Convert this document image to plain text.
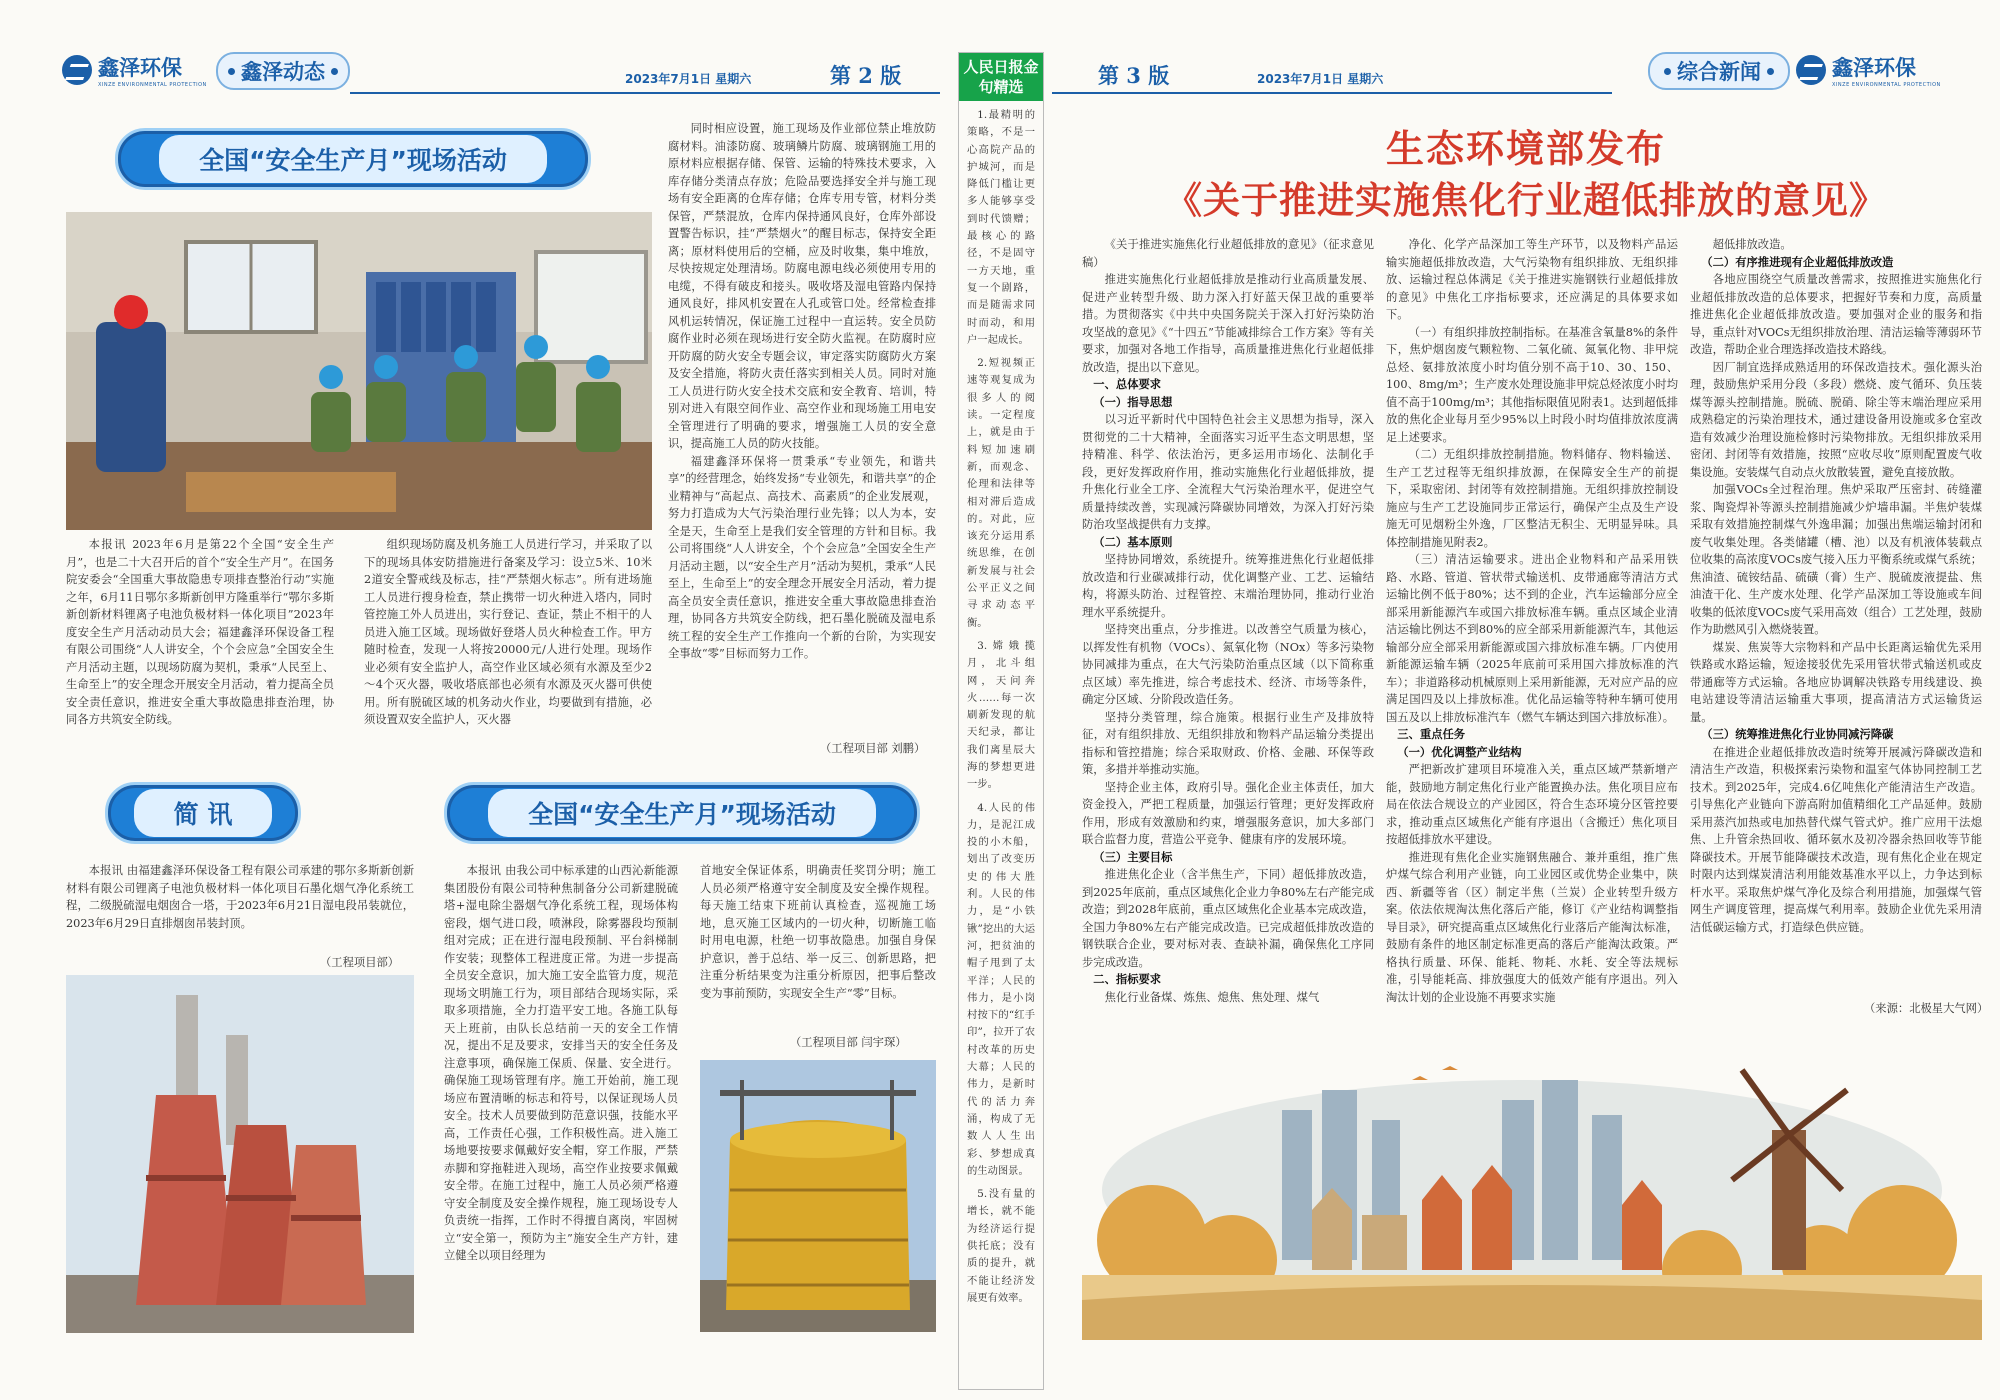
鑫泽环保
XINZE ENVIRONMENTAL PROTECTION
鑫泽动态	2023年7月1日 星期六	第 2 版
全国“安全生产月”现场活动

本报讯 2023年6月是第22个全国“安全生产月”，也是二十大召开后的首个“安全生产月”。在国务院安委会“全国重大事故隐患专项排查整治行动”实施之年，6月11日鄂尔多斯新创甲方隆重举行“鄂尔多斯新创新材料锂离子电池负极材料一体化项目”2023年度安全生产月活动动员大会；福建鑫泽环保设备工程有限公司围绕“人人讲安全，个个会应急”全国安全生产月活动主题，以现场防腐为契机，秉承“人民至上、生命至上”的安全理念开展安全月活动，着力提高全员安全责任意识，推进安全重大事故隐患排查治理，协同各方共筑安全防线。

组织现场防腐及机务施工人员进行学习，并采取了以下的现场具体安防措施进行备案及学习：设立5米、10米2道安全警戒线及标志，挂“严禁烟火标志”。所有进场施工人员进行搜身检查，禁止携带一切火种进入塔内，同时管控施工外人员进出，实行登记、查证，禁止不相干的人员进入施工区域。现场做好登塔人员火种检查工作。甲方随时检查，发现一人将按20000元/人进行处理。现场作业必须有安全监护人，高空作业区域必须有水源及至少2～4个灭火器，吸收塔底部也必须有水源及灭火器可供使用。所有脱硫区域的机务动火作业，均要做到有措施，必须设置双安全监护人，灭火器

同时相应设置，施工现场及作业部位禁止堆放防腐材料。油漆防腐、玻璃鳞片防腐、玻璃钢施工用的原材料应根据存储、保管、运输的特殊技术要求，入库存储分类清点存放；危险品要选择安全并与施工现场有安全距离的仓库存储；仓库专用专管，材料分类保管，严禁混放，仓库内保持通风良好，仓库外部设置警告标识，挂“严禁烟火”的醒目标志，保持安全距离；原材料使用后的空桶，应及时收集，集中堆放，尽快按规定处理清场。防腐电源电线必须使用专用的电缆，不得有破皮和接头。吸收塔及湿电管路内保持通风良好，排风机安置在人孔或管口处。经常检查排风机运转情况，保证施工过程中一直运转。安全员防腐作业时必须在现场进行安全防火监视。在防腐时应开防腐的防火安全专题会议，审定落实防腐防火方案及安全措施，将防火责任落实到相关人员。同时对施工人员进行防火安全技术交底和安全教育、培训，特别对进入有限空间作业、高空作业和现场施工用电安全管理进行了明确的要求，增强施工人员的安全意识，提高施工人员的防火技能。

福建鑫泽环保将一贯秉承“专业领先，和谐共享”的经营理念，始终发扬“专业领先，和谐共享”的企业精神与“高起点、高技术、高素质”的企业发展观，努力打造成为大气污染治理行业先锋；以人为本，安全是天，生命至上是我们安全管理的方针和目标。我公司将围绕“人人讲安全，个个会应急”全国安全生产月活动主题，以“安全生产月”活动为契机，秉承“人民至上，生命至上”的安全理念开展安全月活动，着力提高全员安全责任意识，推进安全重大事故隐患排查治理，协同各方共筑安全防线，把石墨化脱硫及湿电系统工程的安全生产工作推向一个新的台阶，为实现安全事故“零”目标而努力工作。

（工程项目部 刘鹏）
简 讯

本报讯 由福建鑫泽环保设备工程有限公司承建的鄂尔多斯新创新材料有限公司锂离子电池负极材料一体化项目石墨化烟气净化系统工程，二级脱硫湿电烟囱合一塔，于2023年6月21日湿电段吊装就位，2023年6月29日直排烟囱吊装封顶。

（工程项目部）
全国“安全生产月”现场活动

本报讯 由我公司中标承建的山西沁新能源集团股份有限公司特种焦制备分公司新建脱硫塔+湿电除尘器烟气净化系统工程，现场体构密段，烟气进口段，喷淋段，除雾器段均预制组对完成；正在进行湿电段预制、平台斜梯制作安装；现整体工程进度正常。为进一步提高全员安全意识，加大施工安全监管力度，规范现场文明施工行为，项目部结合现场实际，采取多项措施，全力打造平安工地。各施工队每天上班前，由队长总结前一天的安全工作情况，提出不足及要求，安排当天的安全任务及注意事项，确保施工保质、保量、安全进行。确保施工现场管理有序。施工开始前，施工现场应布置清晰的标志和符号，以保证现场人员安全。技术人员要做到防范意识强，技能水平高，工作责任心强，工作积极性高。进入施工场地要按要求佩戴好安全帽，穿工作服，严禁赤脚和穿拖鞋进入现场，高空作业按要求佩戴安全带。在施工过程中，施工人员必须严格遵守安全制度及安全操作规程，施工现场设专人负责统一指挥，工作时不得擅自离岗，牢固树立“安全第一，预防为主”施安全生产方针，建立健全以项目经理为

首地安全保证体系，明确责任奖罚分明；施工人员必须严格遵守安全制度及安全操作规程。每天施工结束下班前认真检查，巡视施工场地，息灭施工区域内的一切火种，切断施工临时用电电源，杜绝一切事故隐患。加强自身保护意识，善于总结、举一反三、创新思路，把注重分析结果变为注重分析原因，把事后整改变为事前预防，实现安全生产“零”目标。

（工程项目部 闫宇琛）
人民日报金句精选

1.最精明的策略，不是一心高院产品的护城河，而是降低门槛让更多人能够享受到时代馈赠；最核心的路径，不是固守一方天地，重复一个剧路，而是随需求同时而动，和用户一起成长。

2.短视频正速等观复成为很多人的阅读。一定程度上，就是由于料短加速刷新，而观念、伦理和法律等相对滞后造成的。对此，应该充分运用系统思维，在创新发展与社会公平正义之间寻求动态平衡。

3.嫦娥揽月，北斗组网，天问奔火……每一次刷新发现的航天纪录，都让我们离星辰大海的梦想更进一步。

4.人民的伟力，是泥江成投的小木船，划出了改变历史的伟大胜利。人民的伟力，是“小铁锹”挖出的大运河，把贫油的帽子甩到了太平洋；人民的伟力，是小岗村按下的“红手印”，拉开了农村改革的历史大幕；人民的伟力，是新时代的活力奔涌，构成了无数人人生出彩、梦想成真的生动图景。

5.没有量的增长，就不能为经济运行提供托底；没有质的提升，就不能让经济发展更有效率。

第 3 版	2023年7月1日 星期六	综合新闻	鑫泽环保
XINZE ENVIRONMENTAL PROTECTION

《关于推进实施焦化行业超低排放的意见》（征求意见稿）

推进实施焦化行业超低排放是推动行业高质量发展、促进产业转型升级、助力深入打好蓝天保卫战的重要举措。为贯彻落实《中共中央国务院关于深入打好污染防治攻坚战的意见》《“十四五”节能减排综合工作方案》等有关要求，加强对各地工作指导，高质量推进焦化行业超低排放改造，提出以下意见。

一、总体要求

（一）指导思想

以习近平新时代中国特色社会主义思想为指导，深入贯彻党的二十大精神，全面落实习近平生态文明思想，坚持精准、科学、依法治污，更多运用市场化、法制化手段，更好发挥政府作用，推动实施焦化行业超低排放，提升焦化行业全工序、全流程大气污染治理水平，促进空气质量持续改善，实现减污降碳协同增效，为深入打好污染防治攻坚战提供有力支撑。

（二）基本原则

坚持协同增效，系统提升。统筹推进焦化行业超低排放改造和行业碳减排行动，优化调整产业、工艺、运输结构，将源头防治、过程管控、末端治理协同，推动行业治理水平系统提升。

坚持突出重点，分步推进。以改善空气质量为核心，以挥发性有机物（VOCs）、氮氧化物（NOx）等多污染物协同减排为重点，在大气污染防治重点区域（以下简称重点区域）率先推进，综合考虑技术、经济、市场等条件，确定分区域、分阶段改造任务。

坚持分类管理，综合施策。根据行业生产及排放特征，对有组织排放、无组织排放和物料产品运输分类提出指标和管控措施；综合采取财政、价格、金融、环保等政策，多措并举推动实施。

坚持企业主体，政府引导。强化企业主体责任，加大资金投入，严把工程质量，加强运行管理；更好发挥政府作用，形成有效激励和约束，增强服务意识，加大多部门联合监督力度，营造公平竞争、健康有序的发展环境。

（三）主要目标

推进焦化企业（含半焦生产，下同）超低排放改造，到2025年底前，重点区域焦化企业力争80%左右产能完成改造；到2028年底前，重点区域焦化企业基本完成改造，全国力争80%左右产能完成改造。已完成超低排放改造的钢铁联合企业，要对标对表、查缺补漏，确保焦化工序同步完成改造。

二、指标要求

焦化行业备煤、炼焦、熄焦、焦处理、煤气

净化、化学产品深加工等生产环节，以及物料产品运输实施超低排放改造，大气污染物有组织排放、无组织排放、运输过程总体满足《关于推进实施钢铁行业超低排放的意见》中焦化工序指标要求，还应满足的具体要求如下。

（一）有组织排放控制指标。在基准含氧量8%的条件下，焦炉烟囱废气颗粒物、二氧化硫、氮氧化物、非甲烷总烃、氨排放浓度小时均值分别不高于10、30、150、100、8mg/m³；生产废水处理设施非甲烷总烃浓度小时均值不高于100mg/m³；其他指标限值见附表1。达到超低排放的焦化企业每月至少95%以上时段小时均值排放浓度满足上述要求。

（二）无组织排放控制措施。物料储存、物料输送、生产工艺过程等无组织排放源，在保障安全生产的前提下，采取密闭、封闭等有效控制措施。无组织排放控制设施应与生产工艺设施同步正常运行，确保产尘点及生产设施无可见烟粉尘外逸，厂区整洁无积尘、无明显异味。具体控制措施见附表2。

（三）清洁运输要求。进出企业物料和产品采用铁路、水路、管道、管状带式输送机、皮带通廊等清洁方式运输比例不低于80%；达不到的企业，汽车运输部分应全部采用新能源汽车或国六排放标准车辆。重点区域企业清洁运输比例达不到80%的应全部采用新能源汽车，其他运输部分应全部采用新能源或国六排放标准车辆。厂内使用新能源运输车辆（2025年底前可采用国六排放标准的汽车）；非道路移动机械原则上采用新能源，无对应产品的应满足国四及以上排放标准。优化品运输等特种车辆可使用国五及以上排放标准汽车（燃气车辆达到国六排放标准）。

三、重点任务

（一）优化调整产业结构

严把新改扩建项目环境准入关，重点区域严禁新增产能，鼓励地方制定焦化行业产能置换办法。焦化项目应布局在依法合规设立的产业园区，符合生态环境分区管控要求，推动重点区域焦化产能有序退出（含搬迁）焦化项目按超低排放水平建设。

推进现有焦化企业实施钢焦融合、兼并重组，推广焦炉煤气综合利用产业链，向工业园区或优势企业集中，陕西、新疆等省（区）制定半焦（兰炭）企业转型升级方案。依法依规淘汰焦化落后产能，修订《产业结构调整指导目录》，研究提高重点区域焦化行业落后产能淘汰标准，鼓励有条件的地区制定标准更高的落后产能淘汰政策。严格执行质量、环保、能耗、物耗、水耗、安全等法规标准，引导能耗高、排放强度大的低效产能有序退出。列入淘汰计划的企业设施不再要求实施

超低排放改造。

（二）有序推进现有企业超低排放改造

各地应围绕空气质量改善需求，按照推进实施焦化行业超低排放改造的总体要求，把握好节奏和力度，高质量推进焦化企业超低排放改造。要加强对企业的服务和指导，重点针对VOCs无组织排放治理、清洁运输等薄弱环节改造，帮助企业合理选择改造技术路线。

因厂制宜选择成熟适用的环保改造技术。强化源头治理，鼓励焦炉采用分段（多段）燃烧、废气循环、负压装煤等源头控制措施。脱硫、脱硝、除尘等末端治理应采用成熟稳定的污染治理技术，通过建设备用设施或多仓室改造有效减少治理设施检修时污染物排放。无组织排放采用密闭、封闭等有效措施，按照“应收尽收”原则配置废气收集设施。安装煤气自动点火放散装置，避免直接放散。

加强VOCs全过程治理。焦炉采取严压密封、砖缝灌浆、陶瓷焊补等源头控制措施减少炉墙串漏。半焦炉装煤采取有效措施控制煤气外逸串漏；加强出焦端运输封闭和废气收集处理。各类储罐（槽、池）以及有机液体装载点位收集的高浓度VOCs废气接入压力平衡系统或煤气系统；焦油渣、硫铵结晶、硫磺（膏）生产、脱硫废液提盐、焦油渣干化、生产废水处理、化学产品深加工等设施或车间收集的低浓度VOCs废气采用高效（组合）工艺处理，鼓励作为助燃风引入燃烧装置。

煤炭、焦炭等大宗物料和产品中长距离运输优先采用铁路或水路运输，短途接驳优先采用管状带式输送机或皮带通廊等方式运输。各地应协调解决铁路专用线建设、换电站建设等清洁运输重大事项，提高清洁方式运输货运量。

（三）统筹推进焦化行业协同减污降碳

在推进企业超低排放改造时统筹开展减污降碳改造和清洁生产改造，积极探索污染物和温室气体协同控制工艺技术。到2025年，完成4.6亿吨焦化产能清洁生产改造。引导焦化产业链向下游高附加值精细化工产品延伸。鼓励采用蒸汽加热或电加热替代煤气管式炉。推广应用干法熄焦、上升管余热回收、循环氨水及初冷器余热回收等节能降碳技术。开展节能降碳技术改造，现有焦化企业在规定时限内达到煤炭清洁利用能效基准水平以上，力争达到标杆水平。采取焦炉煤气净化及综合利用措施，加强煤气管网生产调度管理，提高煤气利用率。鼓励企业优先采用清洁低碳运输方式，打造绿色供应链。

（来源：北极星大气网）
生态环境部发布
《关于推进实施焦化行业超低排放的意见》
